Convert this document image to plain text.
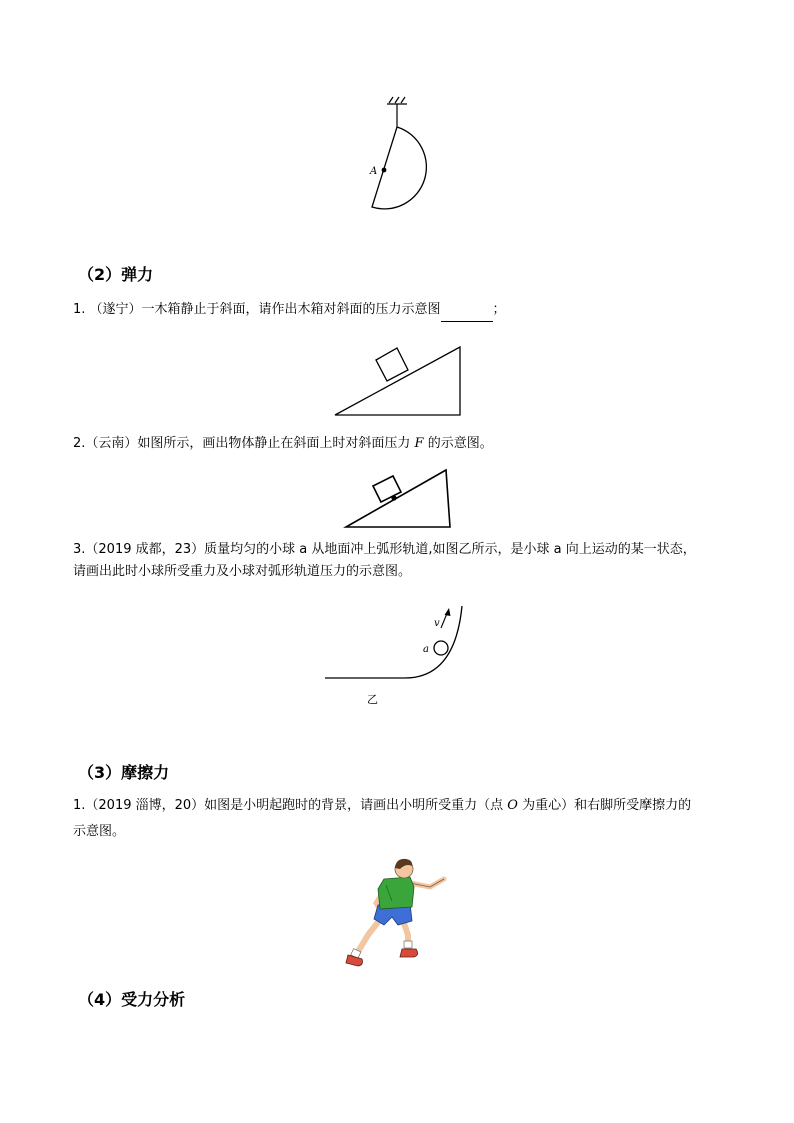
A
（2）弹力
1. （遂宁）一木箱静止于斜面，请作出木箱对斜面的压力示意图	；
2.（云南）如图所示，画出物体静止在斜面上时对斜面压力 F 的示意图。
3.（2019 成都，23）质量均匀的小球 a 从地面冲上弧形轨道,如图乙所示，是小球 a 向上运动的某一状态，
请画出此时小球所受重力及小球对弧形轨道压力的示意图。
a
v
乙
（3）摩擦力
1.（2019 淄博，20）如图是小明起跑时的背景，请画出小明所受重力（点 O 为重心）和右脚所受摩擦力的
示意图。
（4）受力分析
